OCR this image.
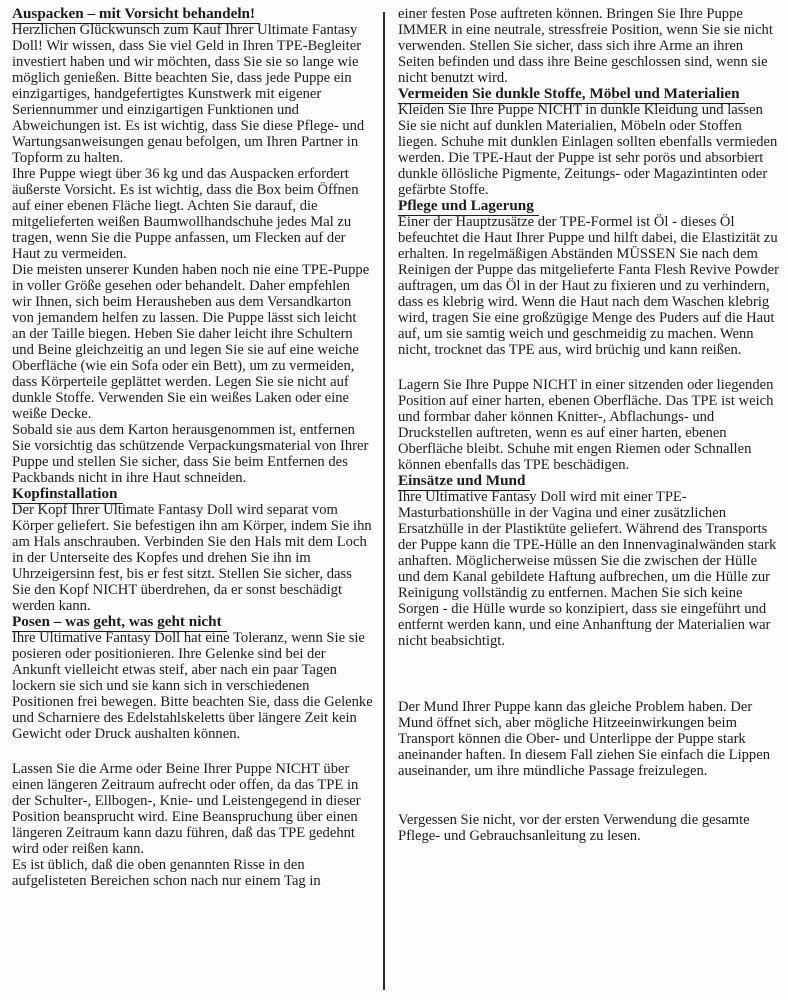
Auspacken – mit Vorsicht behandeln!

Herzlichen Glückwunsch zum Kauf Ihrer Ultimate Fantasy Doll! Wir wissen, dass Sie viel Geld in Ihren TPE-Begleiter investiert haben und wir möchten, dass Sie sie so lange wie möglich genießen. Bitte beachten Sie, dass jede Puppe ein einzigartiges, handgefertigtes Kunstwerk mit eigener Seriennummer und einzigartigen Funktionen und Abweichungen ist. Es ist wichtig, dass Sie diese Pflege- und Wartungsanweisungen genau befolgen, um Ihren Partner in Topform zu halten.

Ihre Puppe wiegt über 36 kg und das Auspacken erfordert äußerste Vorsicht. Es ist wichtig, dass die Box beim Öffnen auf einer ebenen Fläche liegt. Achten Sie darauf, die mitgelieferten weißen Baumwollhandschuhe jedes Mal zu tragen, wenn Sie die Puppe anfassen, um Flecken auf der Haut zu vermeiden.

Die meisten unserer Kunden haben noch nie eine TPE-Puppe in voller Größe gesehen oder behandelt. Daher empfehlen wir Ihnen, sich beim Herausheben aus dem Versandkarton von jemandem helfen zu lassen. Die Puppe lässt sich leicht an der Taille biegen. Heben Sie daher leicht ihre Schultern und Beine gleichzeitig an und legen Sie sie auf eine weiche Oberfläche (wie ein Sofa oder ein Bett), um zu vermeiden, dass Körperteile geplättet werden. Legen Sie sie nicht auf dunkle Stoffe. Verwenden Sie ein weißes Laken oder eine weiße Decke.

Sobald sie aus dem Karton herausgenommen ist, entfernen Sie vorsichtig das schützende Verpackungsmaterial von Ihrer Puppe und stellen Sie sicher, dass Sie beim Entfernen des Packbands nicht in ihre Haut schneiden.

Kopfinstallation

Der Kopf Ihrer Ultimate Fantasy Doll wird separat vom Körper geliefert. Sie befestigen ihn am Körper, indem Sie ihn am Hals anschrauben. Verbinden Sie den Hals mit dem Loch in der Unterseite des Kopfes und drehen Sie ihn im Uhrzeigersinn fest, bis er fest sitzt. Stellen Sie sicher, dass Sie den Kopf NICHT überdrehen, da er sonst beschädigt werden kann.

Posen – was geht, was geht nicht

Ihre Ultimative Fantasy Doll hat eine Toleranz, wenn Sie sie posieren oder positionieren. Ihre Gelenke sind bei der Ankunft vielleicht etwas steif, aber nach ein paar Tagen lockern sie sich und sie kann sich in verschiedenen Positionen frei bewegen. Bitte beachten Sie, dass die Gelenke und Scharniere des Edelstahlskeletts über längere Zeit kein Gewicht oder Druck aushalten können.

Lassen Sie die Arme oder Beine Ihrer Puppe NICHT über einen längeren Zeitraum aufrecht oder offen, da das TPE in der Schulter-, Ellbogen-, Knie- und Leistengegend in dieser Position beansprucht wird. Eine Beanspruchung über einen längeren Zeitraum kann dazu führen, daß das TPE gedehnt wird oder reißen kann.

Es ist üblich, daß die oben genannten Risse in den aufgelisteten Bereichen schon nach nur einem Tag in

einer festen Pose auftreten können. Bringen Sie Ihre Puppe IMMER in eine neutrale, stressfreie Position, wenn Sie sie nicht verwenden. Stellen Sie sicher, dass sich ihre Arme an ihren Seiten befinden und dass ihre Beine geschlossen sind, wenn sie nicht benutzt wird.

Vermeiden Sie dunkle Stoffe, Möbel und Materialien

Kleiden Sie Ihre Puppe NICHT in dunkle Kleidung und lassen Sie sie nicht auf dunklen Materialien, Möbeln oder Stoffen liegen. Schuhe mit dunklen Einlagen sollten ebenfalls vermieden werden. Die TPE-Haut der Puppe ist sehr porös und absorbiert dunkle öllösliche Pigmente, Zeitungs- oder Magazintinten oder gefärbte Stoffe.

Pflege und Lagerung

Einer der Hauptzusätze der TPE-Formel ist Öl - dieses Öl befeuchtet die Haut Ihrer Puppe und hilft dabei, die Elastizität zu erhalten. In regelmäßigen Abständen MÜSSEN Sie nach dem Reinigen der Puppe das mitgelieferte Fanta Flesh Revive Powder auftragen, um das Öl in der Haut zu fixieren und zu verhindern, dass es klebrig wird. Wenn die Haut nach dem Waschen klebrig wird, tragen Sie eine großzügige Menge des Puders auf die Haut auf, um sie samtig weich und geschmeidig zu machen. Wenn nicht, trocknet das TPE aus, wird brüchig und kann reißen.

Lagern Sie Ihre Puppe NICHT in einer sitzenden oder liegenden Position auf einer harten, ebenen Oberfläche. Das TPE ist weich und formbar daher können Knitter-, Abflachungs- und Druckstellen auftreten, wenn es auf einer harten, ebenen Oberfläche bleibt. Schuhe mit engen Riemen oder Schnallen können ebenfalls das TPE beschädigen.

Einsätze und Mund

Ihre Ultimative Fantasy Doll wird mit einer TPE-Masturbationshülle in der Vagina und einer zusätzlichen Ersatzhülle in der Plastiktüte geliefert. Während des Transports der Puppe kann die TPE-Hülle an den Innenvaginalwänden stark anhaften. Möglicherweise müssen Sie die zwischen der Hülle und dem Kanal gebildete Haftung aufbrechen, um die Hülle zur Reinigung vollständig zu entfernen. Machen Sie sich keine Sorgen - die Hülle wurde so konzipiert, dass sie eingeführt und entfernt werden kann, und eine Anhanftung der Materialien war nicht beabsichtigt.

Der Mund Ihrer Puppe kann das gleiche Problem haben. Der Mund öffnet sich, aber mögliche Hitzeeinwirkungen beim Transport können die Ober- und Unterlippe der Puppe stark aneinander haften. In diesem Fall ziehen Sie einfach die Lippen auseinander, um ihre mündliche Passage freizulegen.

Vergessen Sie nicht, vor der ersten Verwendung die gesamte Pflege- und Gebrauchsanleitung zu lesen.
